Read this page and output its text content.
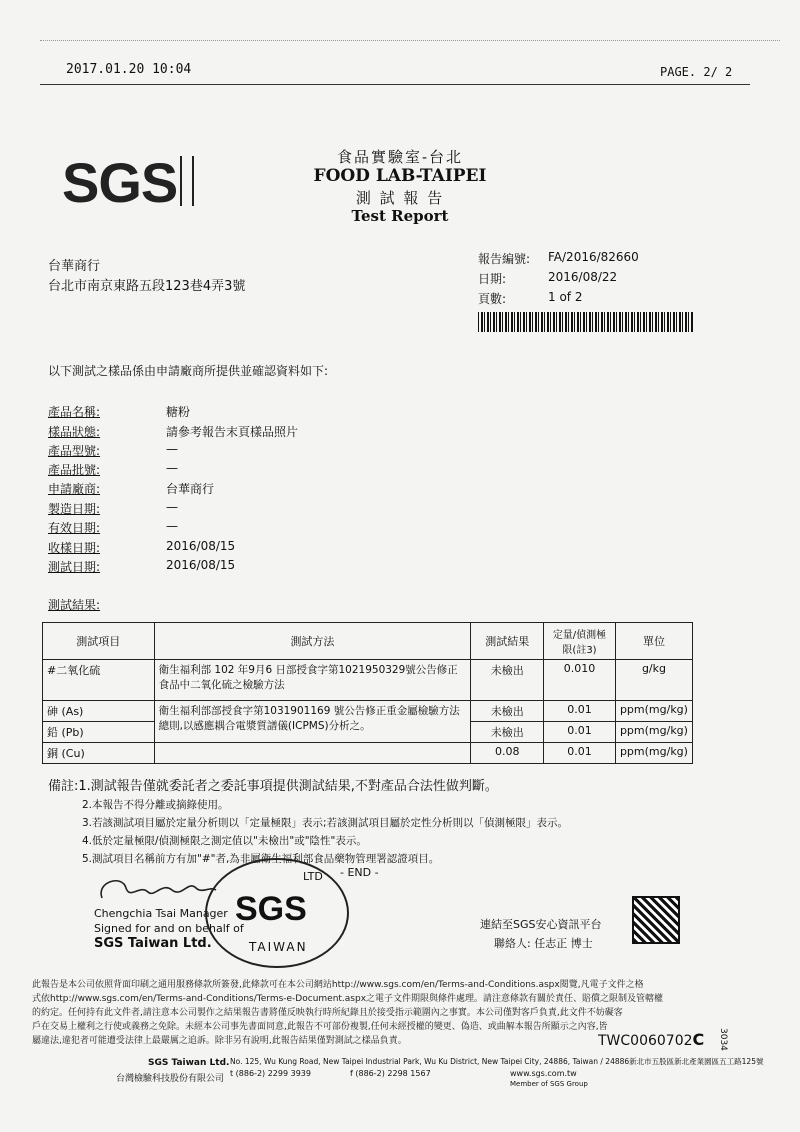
2017.01.20 10:04	PAGE. 2/ 2
SGS	食品實驗室-台北
FOOD LAB-TAIPEI
測 試 報 告
Test Report
台華商行
台北市南京東路五段123巷4弄3號
報告編號: FA/2016/82660
日期:	2016/08/22
頁數:	1 of 2
以下測試之樣品係由申請廠商所提供並確認資料如下:
產品名稱:	糖粉
樣品狀態:	請參考報告末頁樣品照片
產品型號:	—
產品批號:	—
申請廠商:	台華商行
製造日期:	—
有效日期:	—
收樣日期:	2016/08/15
測試日期:	2016/08/15
測試結果:
測試項目	測試方法	測試結果	定量/偵測極限(註3)	單位
#二氧化硫	衛生福利部 102 年9月6 日部授食字第1021950329號公告修正食品中二氧化硫之檢驗方法	未檢出	0.010	g/kg
砷 (As)	衛生福利部部授食字第1031901169 號公告修正重金屬檢驗方法總則,以感應耦合電漿質譜儀(ICPMS)分析之。	未檢出	0.01	ppm(mg/kg)
鉛 (Pb)		未檢出	0.01	ppm(mg/kg)
銅 (Cu)		0.08	0.01	ppm(mg/kg)
備註:1.測試報告僅就委託者之委託事項提供測試結果,不對產品合法性做判斷。
2.本報告不得分離或摘錄使用。
3.若該測試項目屬於定量分析則以「定量極限」表示;若該測試項目屬於定性分析則以「偵測極限」表示。
4.低於定量極限/偵測極限之測定值以"未檢出"或"陰性"表示。
5.測試項目名稱前方有加"#"者,為非屬衛生福利部食品藥物管理署認證項目。
- END -
Chengchia Tsai Manager
Signed for and on behalf of
SGS Taiwan Ltd.
SGS
TAIWAN
LTD
連結至SGS安心資訊平台
聯絡人: 任志正 博士
此報告是本公司依照背面印刷之通用服務條款所簽發,此條款可在本公司網站http://www.sgs.com/en/Terms-and-Conditions.aspx閱覽,凡電子文件之格
式依http://www.sgs.com/en/Terms-and-Conditions/Terms-e-Document.aspx之電子文件期限與條件處理。請注意條款有關於責任、賠償之限制及管轄權
的約定。任何持有此文件者,請注意本公司製作之結果報告書將僅反映執行時所紀錄且於接受指示範圍內之事實。本公司僅對客戶負責,此文件不妨礙客
戶在交易上權利之行使或義務之免除。未經本公司事先書面同意,此報告不可部份複製,任何未經授權的變更、偽造、或曲解本報告所顯示之內容,皆
屬違法,違犯者可能遭受法律上最嚴厲之追訴。除非另有說明,此報告結果僅對測試之樣品負責。	TWC0060702C 3034
SGS Taiwan Ltd.
台灣檢驗科技股份有限公司
No. 125, Wu Kung Road, New Taipei Industrial Park, Wu Ku District, New Taipei City, 24886, Taiwan / 24886新北市五股區新北產業園區五工路125號
t (886-2) 2299 3939	f (886-2) 2298 1567	www.sgs.com.tw
Member of SGS Group
